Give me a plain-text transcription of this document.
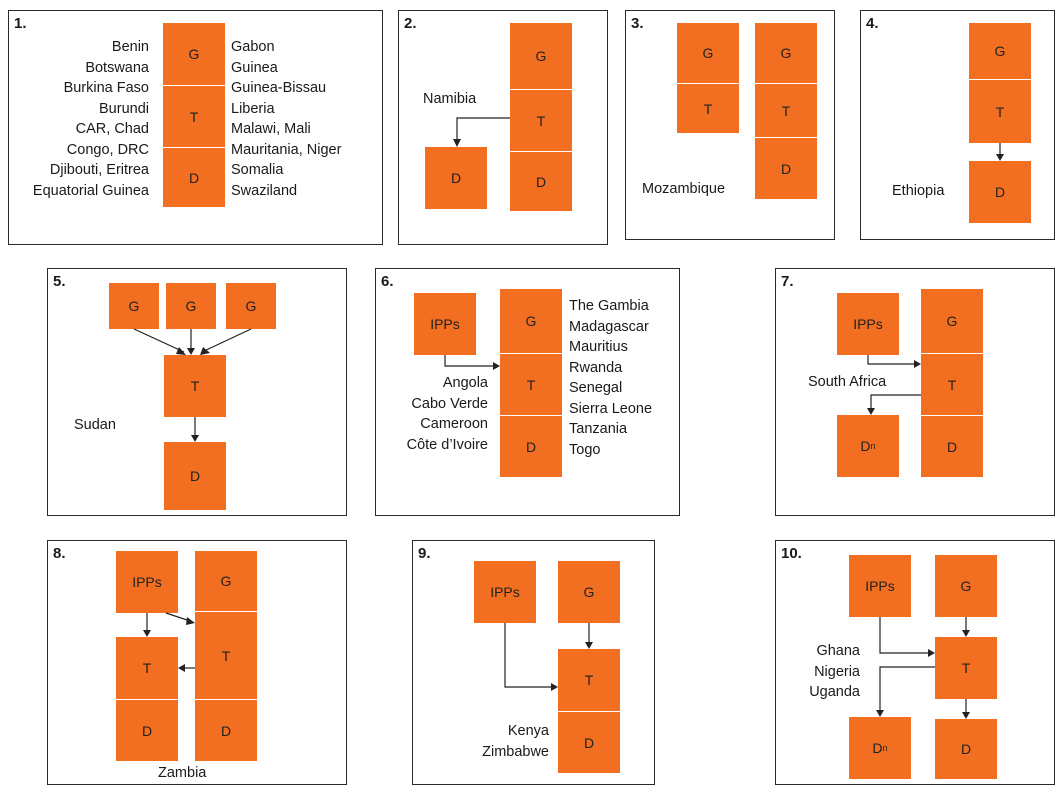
1.
Benin
Botswana
Burkina Faso
Burundi
CAR, Chad
Congo, DRC
Djibouti, Eritrea
Equatorial Guinea
G
T
D
Gabon
Guinea
Guinea-Bissau
Liberia
Malawi, Mali
Mauritania, Niger
Somalia
Swaziland
2.
G
T
D
D
Namibia
3.
G
T
G
T
D
Mozambique
4.
G
T
D
Ethiopia
5.
G	G	G
T
D
Sudan
6.
IPPs	G
T
D
Angola
Cabo Verde
Cameroon
Côte d’Ivoire
The Gambia
Madagascar
Mauritius
Rwanda
Senegal
Sierra Leone
Tanzania
Togo
7.
IPPs	G
T
D
D n
South Africa
8.
IPPs	G
T
D
T
D
Zambia
9.
IPPs	G
T
D
Kenya
Zimbabwe
10.
IPPs	G
T
D n	D
Ghana
Nigeria
Uganda
